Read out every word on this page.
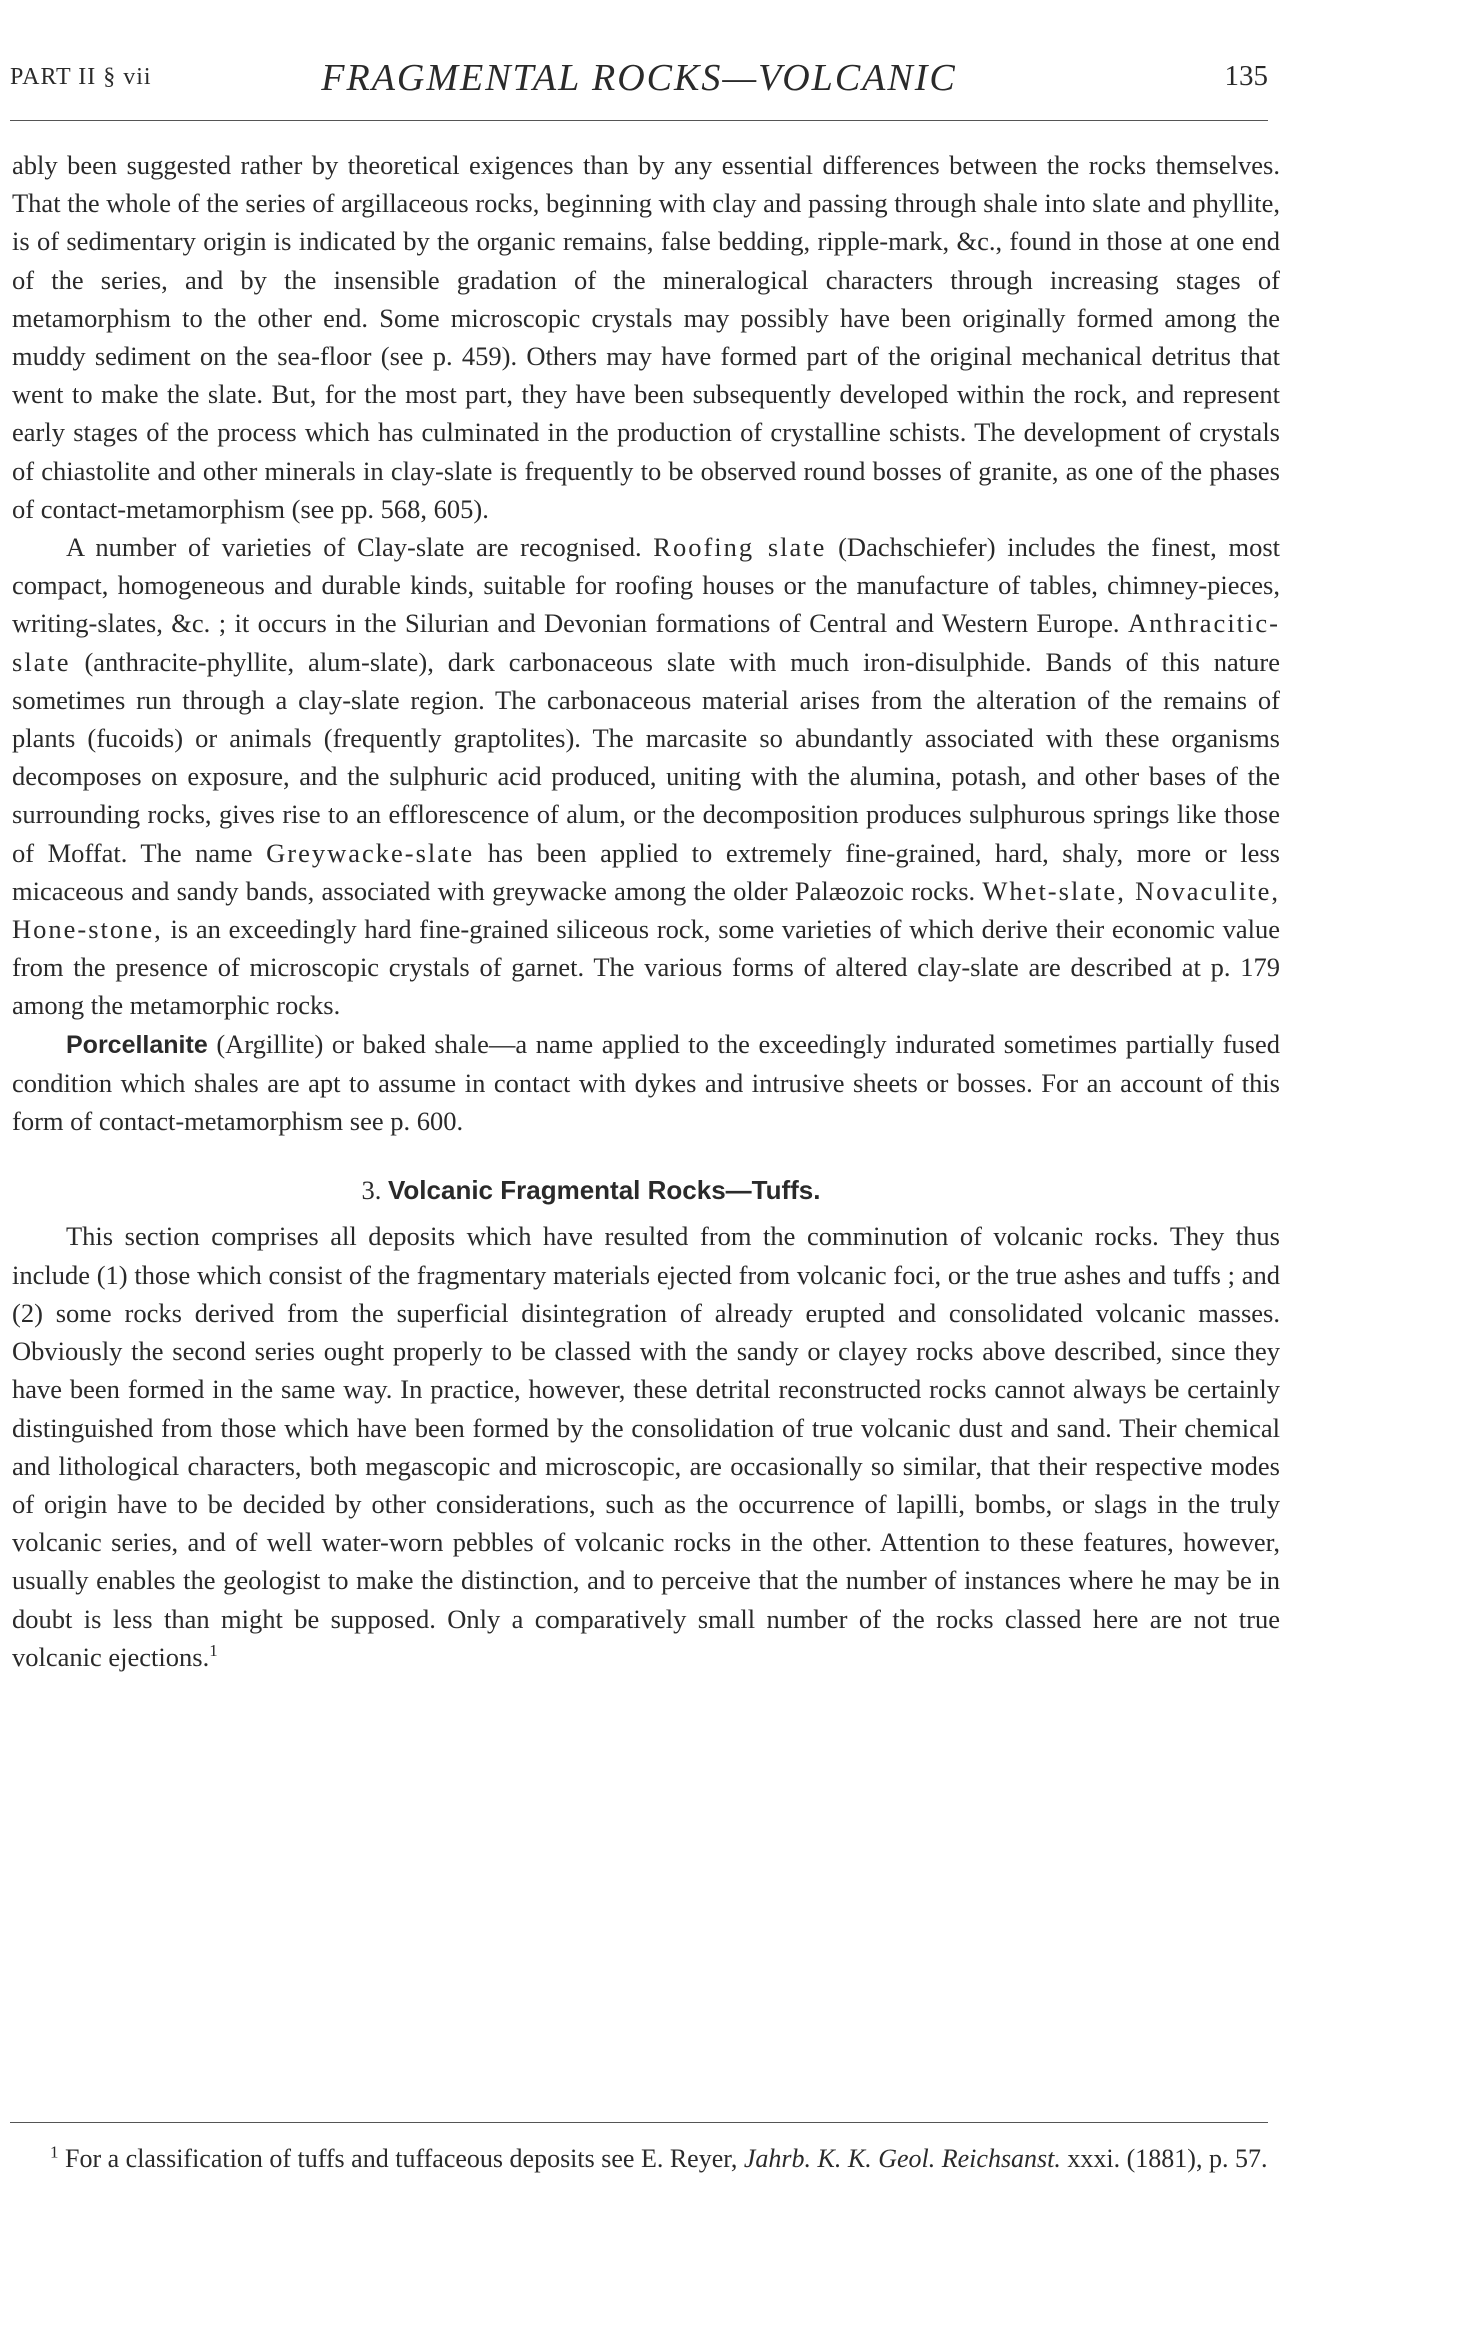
PART II § vii	FRAGMENTAL ROCKS—VOLCANIC	135

ably been suggested rather by theoretical exigences than by any essential differences between the rocks themselves. That the whole of the series of argillaceous rocks, beginning with clay and passing through shale into slate and phyllite, is of sedimentary origin is indicated by the organic remains, false bedding, ripple-mark, &c., found in those at one end of the series, and by the insensible gradation of the mineralogical characters through increasing stages of metamorphism to the other end. Some microscopic crystals may possibly have been originally formed among the muddy sediment on the sea-floor (see p. 459). Others may have formed part of the original mechanical detritus that went to make the slate. But, for the most part, they have been subsequently developed within the rock, and represent early stages of the process which has culminated in the production of crystalline schists. The development of crystals of chiastolite and other minerals in clay-slate is frequently to be observed round bosses of granite, as one of the phases of contact-metamorphism (see pp. 568, 605).

A number of varieties of Clay-slate are recognised. Roofing slate (Dachschiefer) includes the finest, most compact, homogeneous and durable kinds, suitable for roofing houses or the manufacture of tables, chimney-pieces, writing-slates, &c. ; it occurs in the Silurian and Devonian formations of Central and Western Europe. Anthracitic-slate (anthracite-phyllite, alum-slate), dark carbonaceous slate with much iron-disulphide. Bands of this nature sometimes run through a clay-slate region. The carbonaceous material arises from the alteration of the remains of plants (fucoids) or animals (frequently graptolites). The marcasite so abundantly associated with these organisms decomposes on exposure, and the sulphuric acid produced, uniting with the alumina, potash, and other bases of the surrounding rocks, gives rise to an efflorescence of alum, or the decomposition produces sulphurous springs like those of Moffat. The name Greywacke-slate has been applied to extremely fine-grained, hard, shaly, more or less micaceous and sandy bands, associated with greywacke among the older Palæozoic rocks. Whet-slate, Novaculite, Hone-stone, is an exceedingly hard fine-grained siliceous rock, some varieties of which derive their economic value from the presence of microscopic crystals of garnet. The various forms of altered clay-slate are described at p. 179 among the metamorphic rocks.

Porcellanite (Argillite) or baked shale—a name applied to the exceedingly indurated sometimes partially fused condition which shales are apt to assume in contact with dykes and intrusive sheets or bosses. For an account of this form of contact-metamorphism see p. 600.

3. Volcanic Fragmental Rocks—Tuffs.

This section comprises all deposits which have resulted from the comminution of volcanic rocks. They thus include (1) those which consist of the fragmentary materials ejected from volcanic foci, or the true ashes and tuffs ; and (2) some rocks derived from the superficial disintegration of already erupted and consolidated volcanic masses. Obviously the second series ought properly to be classed with the sandy or clayey rocks above described, since they have been formed in the same way. In practice, however, these detrital reconstructed rocks cannot always be certainly distinguished from those which have been formed by the consolidation of true volcanic dust and sand. Their chemical and lithological characters, both megascopic and microscopic, are occasionally so similar, that their respective modes of origin have to be decided by other considerations, such as the occurrence of lapilli, bombs, or slags in the truly volcanic series, and of well water-worn pebbles of volcanic rocks in the other. Attention to these features, however, usually enables the geologist to make the distinction, and to perceive that the number of instances where he may be in doubt is less than might be supposed. Only a comparatively small number of the rocks classed here are not true volcanic ejections.$^1$

$^1$ For a classification of tuffs and tuffaceous deposits see E. Reyer, Jahrb. K. K. Geol. Reichsanst. xxxi. (1881), p. 57.
